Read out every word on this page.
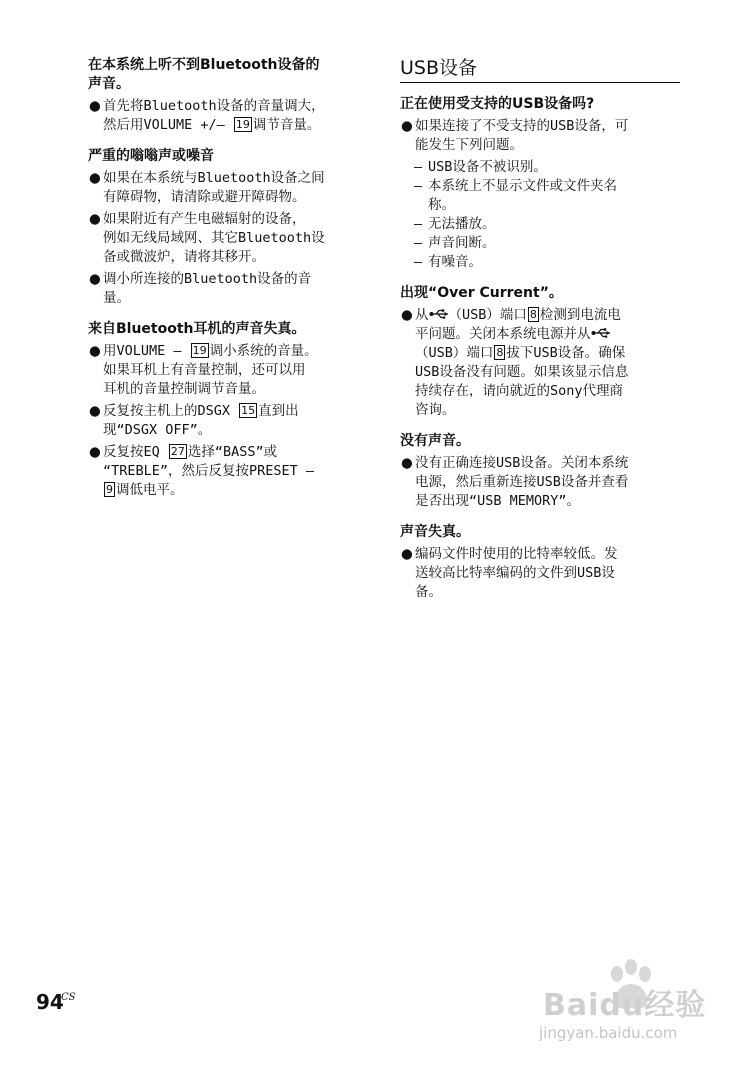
在本系统上听不到Bluetooth设备的
声音。
● 首先将Bluetooth设备的音量调大，
然后用VOLUME +/– 19 调节音量。
严重的嗡嗡声或噪音
● 如果在本系统与Bluetooth设备之间
有障碍物，请清除或避开障碍物。
● 如果附近有产生电磁辐射的设备，
例如无线局域网、其它Bluetooth设
备或微波炉，请将其移开。
● 调小所连接的Bluetooth设备的音
量。
来自Bluetooth耳机的声音失真。
● 用VOLUME – 19 调小系统的音量。
如果耳机上有音量控制，还可以用
耳机的音量控制调节音量。
● 反复按主机上的DSGX 15 直到出
现“DSGX OFF”。
● 反复按EQ 27 选择“BASS”或
“TREBLE”，然后反复按PRESET –
9 调低电平。
USB设备
正在使用受支持的USB设备吗?
● 如果连接了不受支持的USB设备，可
能发生下列问题。
– USB设备不被识别。
– 本系统上不显示文件或文件夹名
称。
– 无法播放。
– 声音间断。
– 有噪音。
出现“Over Current”。
● 从 （USB）端口 8 检测到电流电
平问题。关闭本系统电源并从
（USB）端口 8 拔下USB设备。确保
USB设备没有问题。如果该显示信息
持续存在，请向就近的Sony代理商
咨询。
没有声音。
● 没有正确连接USB设备。关闭本系统
电源，然后重新连接USB设备并查看
是否出现“USB MEMORY”。
声音失真。
● 编码文件时使用的比特率较低。发
送较高比特率编码的文件到USB设
备。
94
CS	Baidu经验
jingyan.baidu.com
